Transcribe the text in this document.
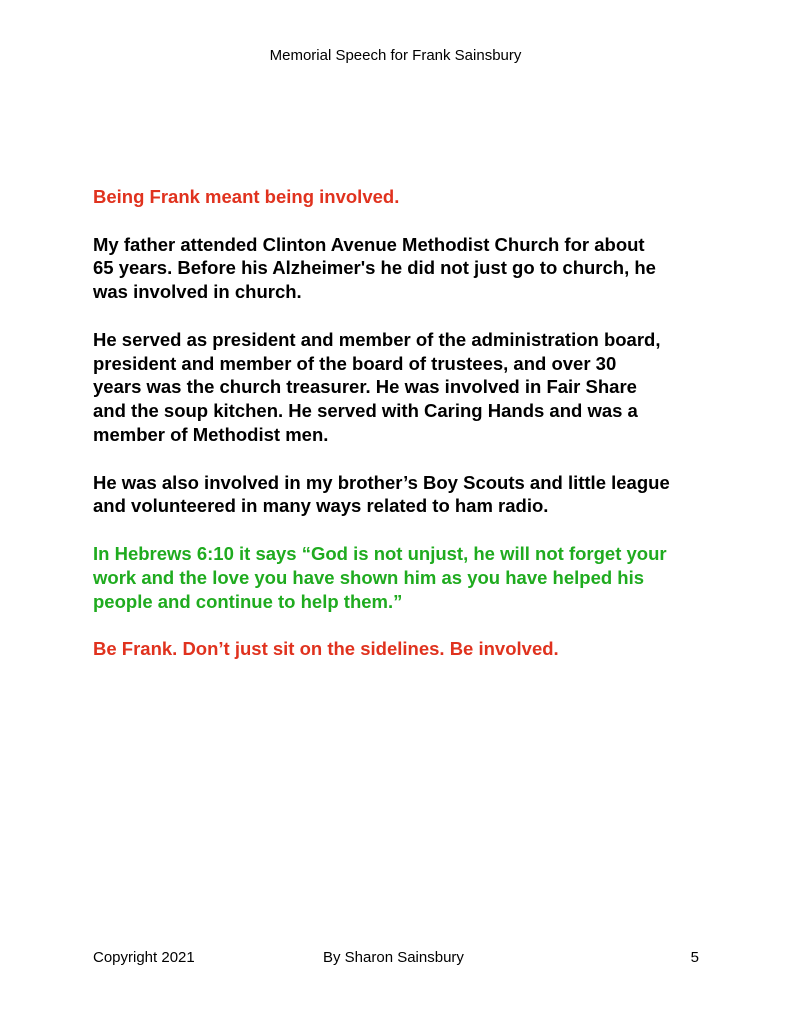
Memorial Speech for Frank Sainsbury

Being Frank meant being involved.

My father attended Clinton Avenue Methodist Church for about
65 years. Before his Alzheimer's he did not just go to church, he
was involved in church.

He served as president and member of the administration board,
president and member of the board of trustees, and over 30
years was the church treasurer. He was involved in Fair Share
and the soup kitchen. He served with Caring Hands and was a
member of Methodist men.

He was also involved in my brother’s Boy Scouts and little league
and volunteered in many ways related to ham radio.

In Hebrews 6:10 it says “God is not unjust, he will not forget your
work and the love you have shown him as you have helped his
people and continue to help them.”

Be Frank. Don’t just sit on the sidelines. Be involved.

Copyright 2021	By Sharon Sainsbury	5
